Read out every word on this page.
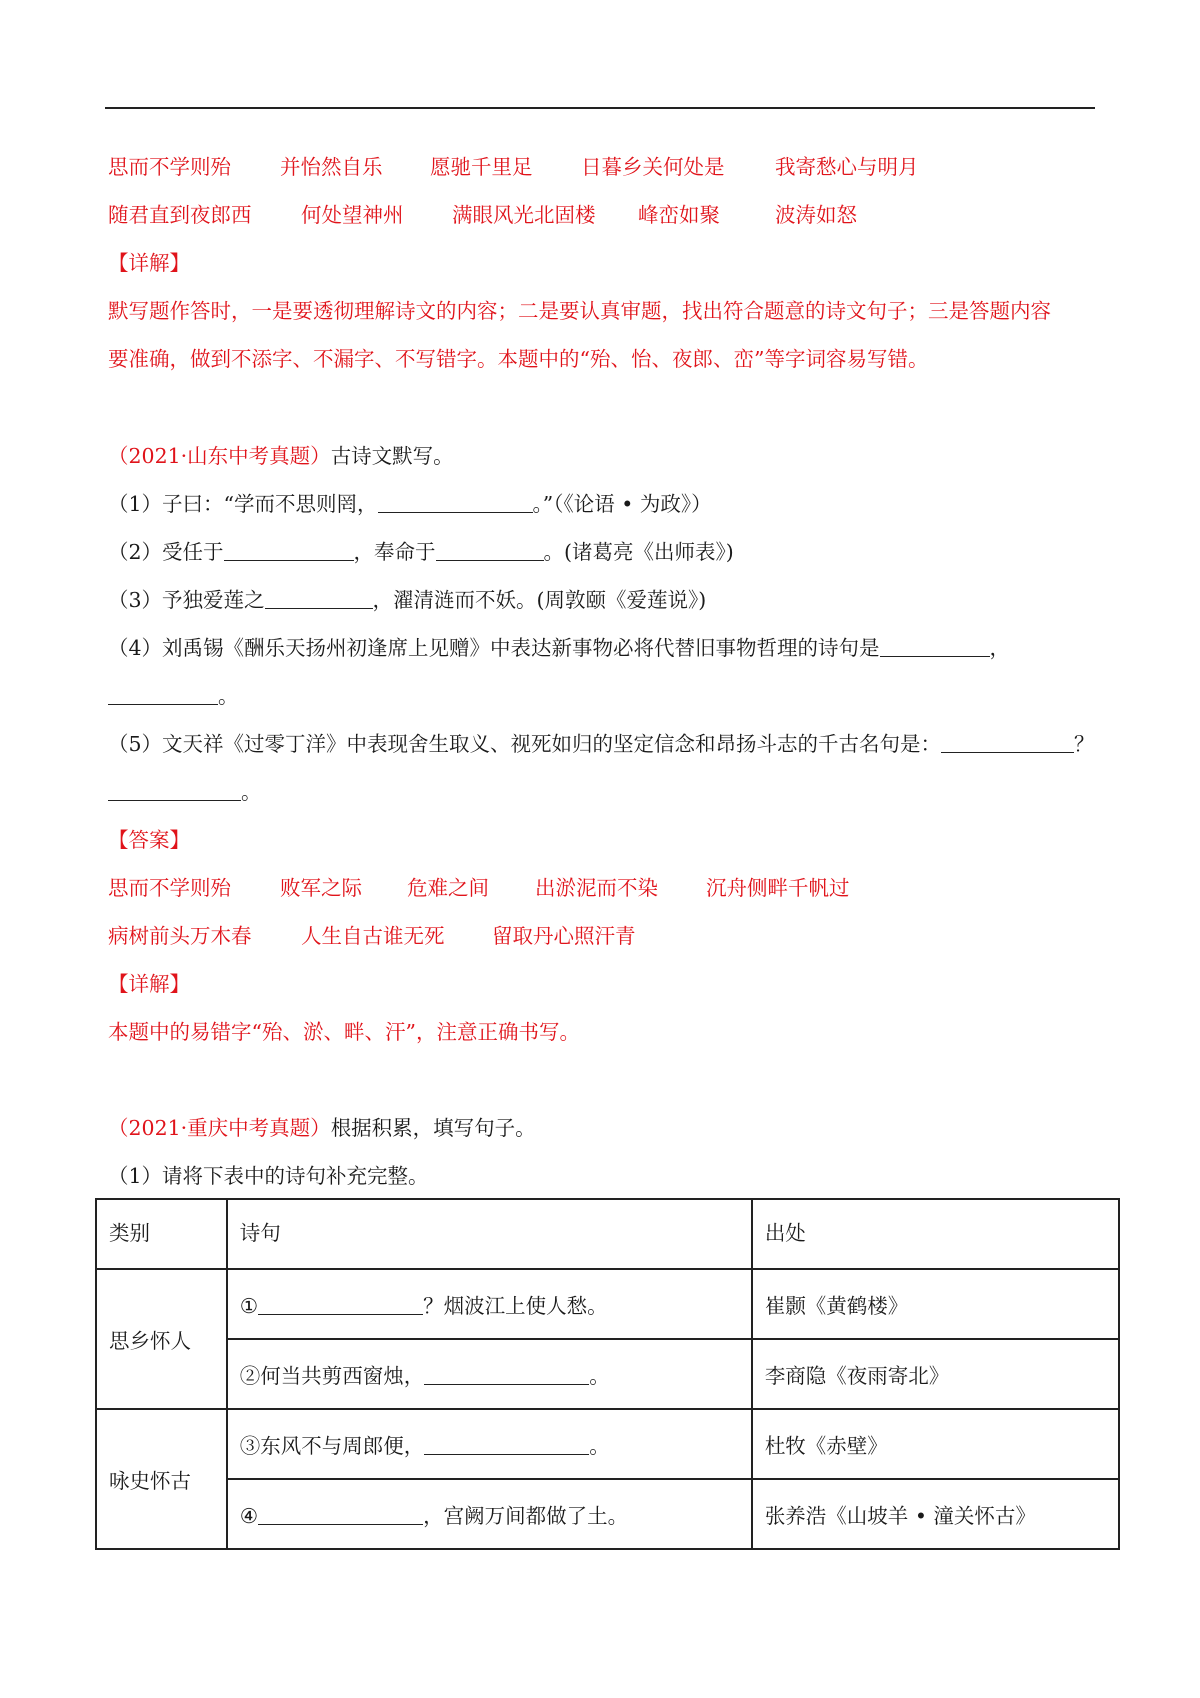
思而不学则殆 并怡然自乐 愿驰千里足 日暮乡关何处是 我寄愁心与明月
随君直到夜郎西 何处望神州 满眼风光北固楼 峰峦如聚	波涛如怒
【详解】
默写题作答时，一是要透彻理解诗文的内容；二是要认真审题，找出符合题意的诗文句子；三是答题内容
要准确，做到不添字、不漏字、不写错字。本题中的“殆、怡、夜郎、峦”等字词容易写错。
（2021·山东中考真题）古诗文默写。
（1）子曰：“学而不思则罔，	。”（《论语 • 为政》）
（2）受任于	，奉命于	。(诸葛亮《出师表》)
（3）予独爱莲之	，濯清涟而不妖。(周敦颐《爱莲说》)
（4）刘禹锡《酬乐天扬州初逢席上见赠》中表达新事物必将代替旧事物哲理的诗句是	，
。
（5）文天祥《过零丁洋》中表现舍生取义、视死如归的坚定信念和昂扬斗志的千古名句是：	？
。
【答案】
思而不学则殆 败军之际 危难之间 出淤泥而不染 沉舟侧畔千帆过
病树前头万木春 人生自古谁无死 留取丹心照汗青
【详解】
本题中的易错字“殆、淤、畔、汗”，注意正确书写。
（2021·重庆中考真题）根据积累，填写句子。
（1）请将下表中的诗句补充完整。
类别	诗句	出处
思乡怀人	① ？烟波江上使人愁。	崔颢《黄鹤楼》
	②何当共剪西窗烛， 。	李商隐《夜雨寄北》
咏史怀古	③东风不与周郎便， 。	杜牧《赤壁》
	④ ，宫阙万间都做了土。	张养浩《山坡羊 • 潼关怀古》
